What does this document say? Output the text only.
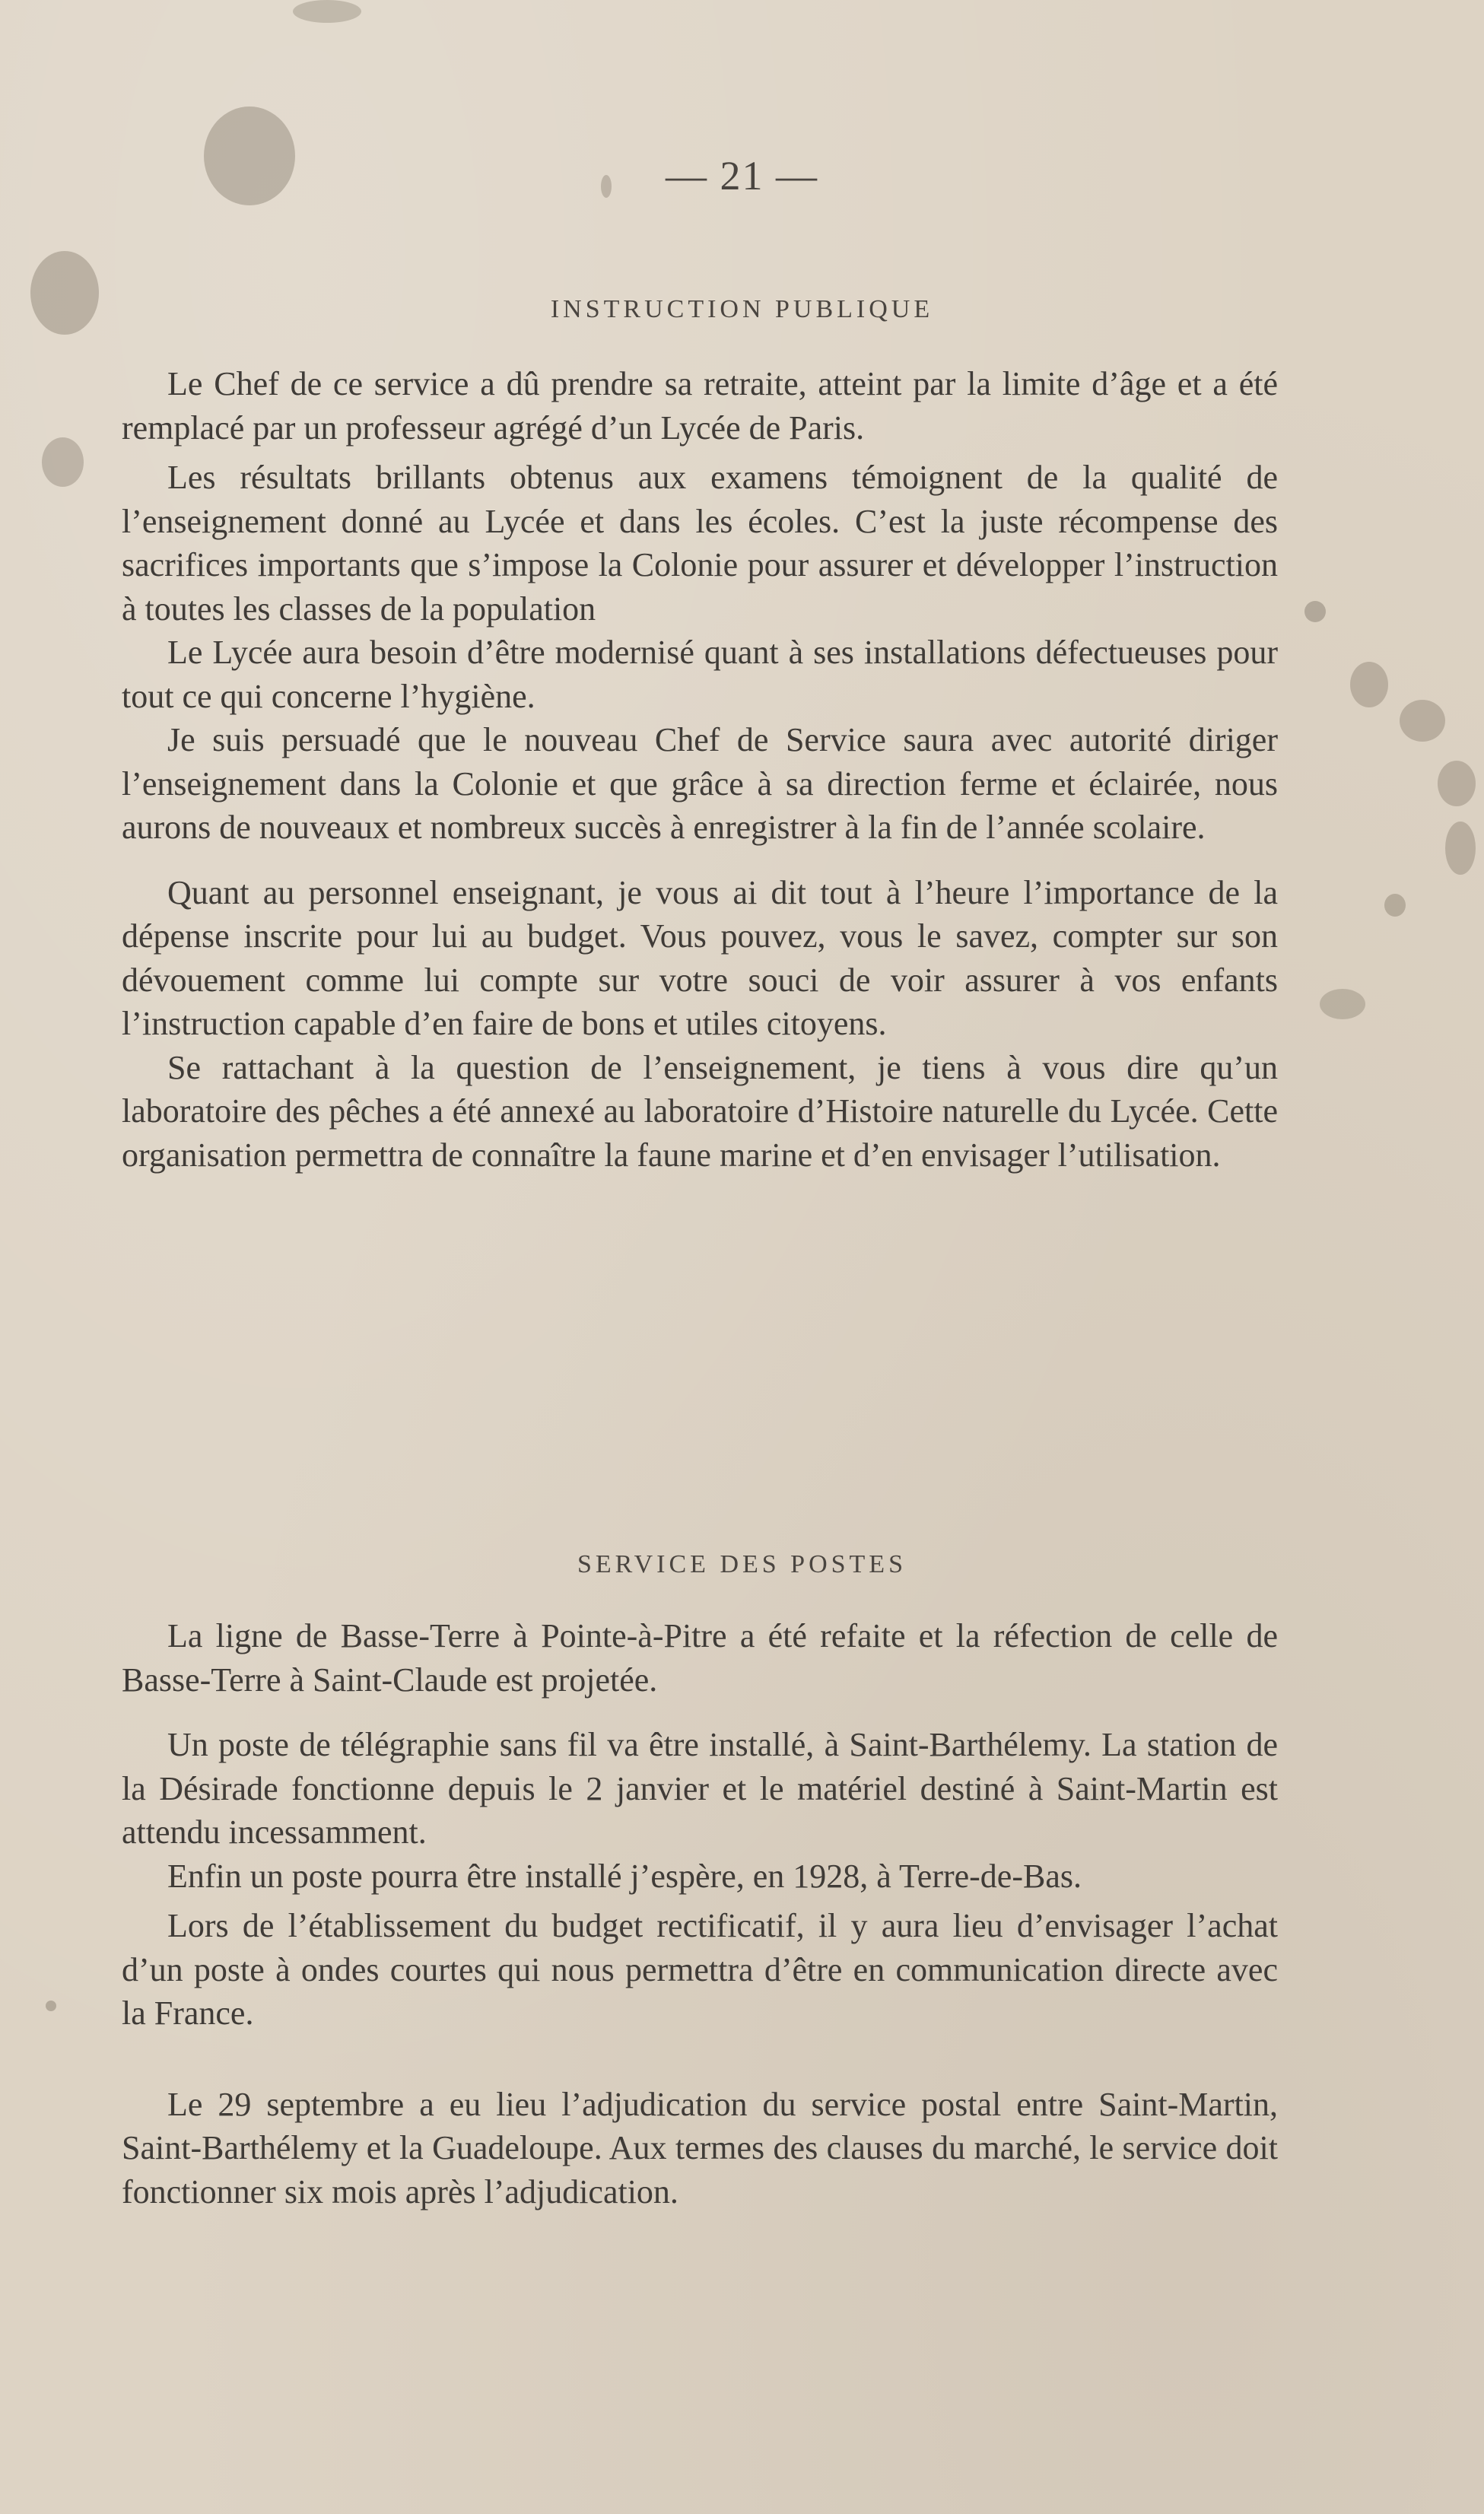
— 21 —
INSTRUCTION PUBLIQUE

Le Chef de ce service a dû prendre sa retraite, atteint par la limite d’âge et a été remplacé par un professeur agrégé d’un Lycée de Paris.

Les résultats brillants obtenus aux examens témoignent de la qualité de l’enseignement donné au Lycée et dans les écoles. C’est la juste récompense des sacrifices importants que s’impose la Colonie pour assurer et développer l’instruction à toutes les classes de la population

Le Lycée aura besoin d’être modernisé quant à ses installations défectueuses pour tout ce qui concerne l’hygiène.

Je suis persuadé que le nouveau Chef de Service saura avec autorité diriger l’enseignement dans la Colonie et que grâce à sa direction ferme et éclairée, nous aurons de nouveaux et nombreux succès à enregistrer à la fin de l’année scolaire.

Quant au personnel enseignant, je vous ai dit tout à l’heure l’importance de la dépense inscrite pour lui au budget. Vous pouvez, vous le savez, compter sur son dévouement comme lui compte sur votre souci de voir assurer à vos enfants l’instruction capable d’en faire de bons et utiles citoyens.

Se rattachant à la question de l’enseignement, je tiens à vous dire qu’un laboratoire des pêches a été annexé au laboratoire d’Histoire naturelle du Lycée. Cette organisation permettra de connaître la faune marine et d’en envisager l’utilisation.

SERVICE DES POSTES

La ligne de Basse-Terre à Pointe-à-Pitre a été refaite et la réfection de celle de Basse-Terre à Saint-Claude est projetée.

Un poste de télégraphie sans fil va être installé, à Saint-Barthélemy. La station de la Désirade fonctionne depuis le 2 janvier et le matériel destiné à Saint-Martin est attendu incessamment.

Enfin un poste pourra être installé j’espère, en 1928, à Terre-de-Bas.

Lors de l’établissement du budget rectificatif, il y aura lieu d’envisager l’achat d’un poste à ondes courtes qui nous permettra d’être en communication directe avec la France.

Le 29 septembre a eu lieu l’adjudication du service postal entre Saint-Martin, Saint-Barthélemy et la Guadeloupe. Aux termes des clauses du marché, le service doit fonctionner six mois après l’adjudication.
